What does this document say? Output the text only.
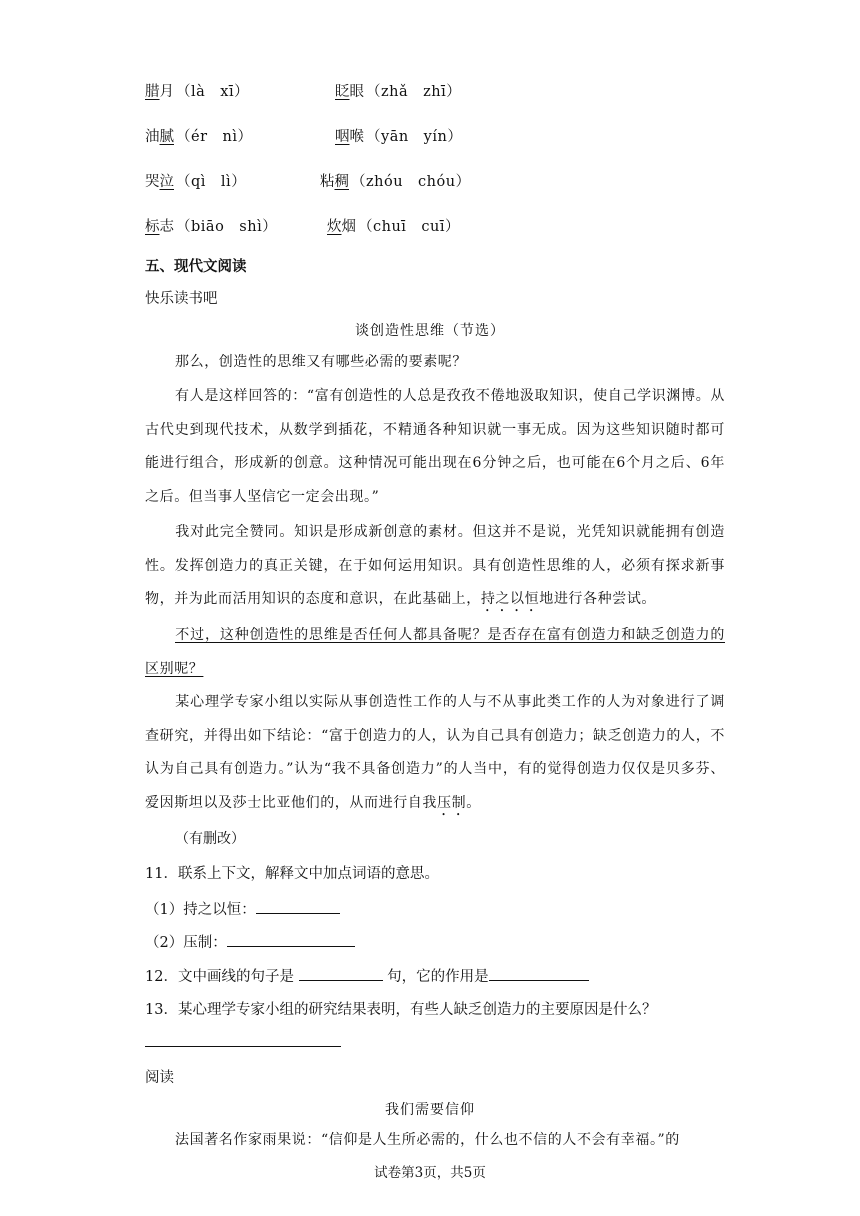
腊月 （là　xī）	眨眼 （zhǎ　zhī）
油腻 （ér　nì）	咽喉 （yān　yín）
哭泣 （qì　lì）	粘稠 （zhóu　chóu）
标志 （biāo　shì）	炊烟 （chuī　cuī）
五、现代文阅读
快乐读书吧
谈创造性思维（节选）
那么，创造性的思维又有哪些必需的要素呢？
有人是这样回答的：“富有创造性的人总是孜孜不倦地汲取知识，使自己学识渊博。从古代史到现代技术，从数学到插花，不精通各种知识就一事无成。因为这些知识随时都可能进行组合，形成新的创意。这种情况可能出现在6分钟之后，也可能在6个月之后、6年之后。但当事人坚信它一定会出现。”
我对此完全赞同。知识是形成新创意的素材。但这并不是说，光凭知识就能拥有创造性。发挥创造力的真正关键，在于如何运用知识。具有创造性思维的人，必须有探求新事物，并为此而活用知识的态度和意识，在此基础上，持之以恒地进行各种尝试。
不过，这种创造性的思维是否任何人都具备呢？是否存在富有创造力和缺乏创造力的区别呢？
某心理学专家小组以实际从事创造性工作的人与不从事此类工作的人为对象进行了调查研究，并得出如下结论：“富于创造力的人，认为自己具有创造力；缺乏创造力的人，不认为自己具有创造力。”认为“我不具备创造力”的人当中，有的觉得创造力仅仅是贝多芬、爱因斯坦以及莎士比亚他们的，从而进行自我压制。
（有删改）
11．联系上下文，解释文中加点词语的意思。
（1）持之以恒：
（2）压制：
12．文中画线的句子是	句，它的作用是
13．某心理学专家小组的研究结果表明，有些人缺乏创造力的主要原因是什么？
阅读
我们需要信仰
法国著名作家雨果说：“信仰是人生所必需的，什么也不信的人不会有幸福。”的
试卷第3页，共5页
